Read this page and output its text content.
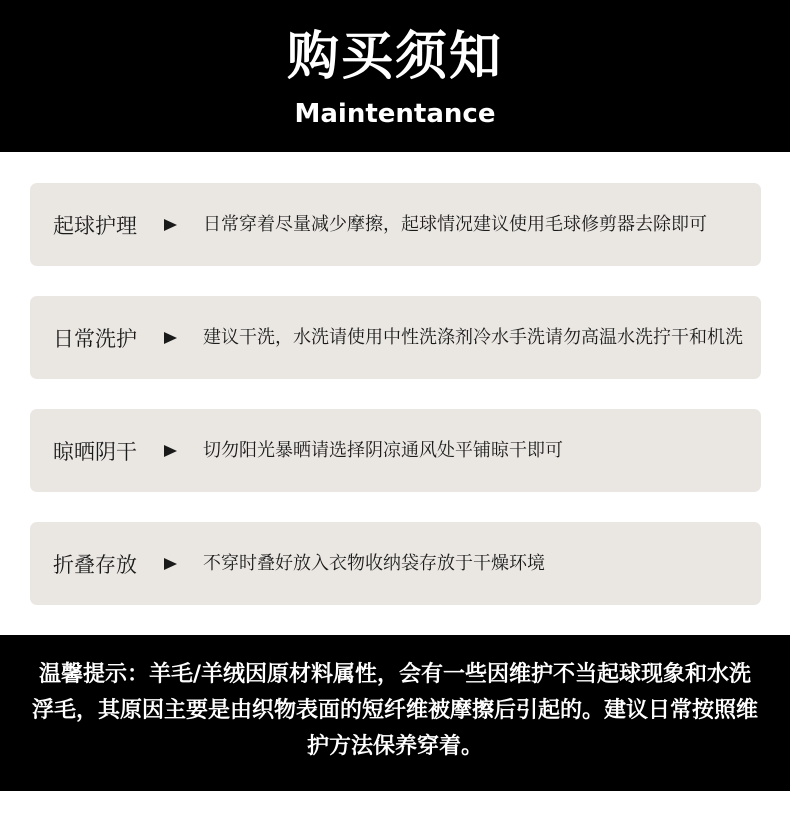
购买须知
Maintentance
起球护理	日常穿着尽量减少摩擦，起球情况建议使用毛球修剪器去除即可
日常洗护	建议干洗，水洗请使用中性洗涤剂冷水手洗请勿高温水洗拧干和机洗
晾晒阴干	切勿阳光暴晒请选择阴凉通风处平铺晾干即可
折叠存放	不穿时叠好放入衣物收纳袋存放于干燥环境
温馨提示：羊毛/羊绒因原材料属性，会有一些因维护不当起球现象和水洗浮毛，其原因主要是由织物表面的短纤维被摩擦后引起的。建议日常按照维护方法保养穿着。
